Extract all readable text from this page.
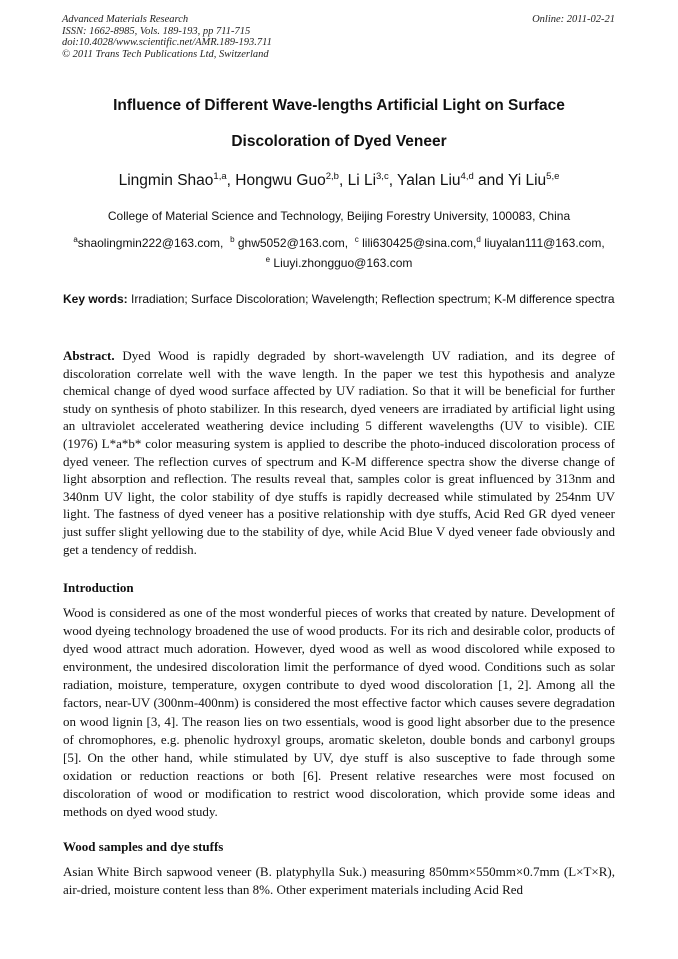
Advanced Materials Research
ISSN: 1662-8985, Vols. 189-193, pp 711-715
doi:10.4028/www.scientific.net/AMR.189-193.711
© 2011 Trans Tech Publications Ltd, Switzerland
Online: 2011-02-21
Influence of Different Wave-lengths Artificial Light on Surface
Discoloration of Dyed Veneer
Lingmin Shao$^{1,a}$, Hongwu Guo$^{2,b}$, Li Li$^{3,c}$, Yalan Liu$^{4,d}$ and Yi Liu$^{5,e}$
College of Material Science and Technology, Beijing Forestry University, 100083, China
$^a$shaolingmin222@163.com,  $^b$ ghw5052@163.com,  $^c$ lili630425@sina.com,$^d$ liuyalan111@163.com,
$^e$ Liuyi.zhongguo@163.com
Key words: Irradiation; Surface Discoloration; Wavelength; Reflection spectrum; K-M difference spectra
Abstract. Dyed Wood is rapidly degraded by short-wavelength UV radiation, and its degree of discoloration correlate well with the wave length. In the paper we test this hypothesis and analyze chemical change of dyed wood surface affected by UV radiation. So that it will be beneficial for further study on synthesis of photo stabilizer. In this research, dyed veneers are irradiated by artificial light using an ultraviolet accelerated weathering device including 5 different wavelengths (UV to visible). CIE (1976) L*a*b* color measuring system is applied to describe the photo-induced discoloration process of dyed veneer. The reflection curves of spectrum and K-M difference spectra show the diverse change of light absorption and reflection. The results reveal that, samples color is great influenced by 313nm and 340nm UV light, the color stability of dye stuffs is rapidly decreased while stimulated by 254nm UV light. The fastness of dyed veneer has a positive relationship with dye stuffs, Acid Red GR dyed veneer just suffer slight yellowing due to the stability of dye, while Acid Blue V dyed veneer fade obviously and get a tendency of reddish.
Introduction
Wood is considered as one of the most wonderful pieces of works that created by nature. Development of wood dyeing technology broadened the use of wood products. For its rich and desirable color, products of dyed wood attract much adoration. However, dyed wood as well as wood discolored while exposed to environment, the undesired discoloration limit the performance of dyed wood. Conditions such as solar radiation, moisture, temperature, oxygen contribute to dyed wood discoloration [1, 2]. Among all the factors, near-UV (300nm-400nm) is considered the most effective factor which causes severe degradation on wood lignin [3, 4]. The reason lies on two essentials, wood is good light absorber due to the presence of chromophores, e.g. phenolic hydroxyl groups, aromatic skeleton, double bonds and carbonyl groups [5]. On the other hand, while stimulated by UV, dye stuff is also susceptive to fade through some oxidation or reduction reactions or both [6]. Present relative researches were most focused on discoloration of wood or modification to restrict wood discoloration, which provide some ideas and methods on dyed wood study.
Wood samples and dye stuffs
Asian White Birch sapwood veneer (B. platyphylla Suk.) measuring 850mm×550mm×0.7mm (L×T×R), air-dried, moisture content less than 8%. Other experiment materials including Acid Red
